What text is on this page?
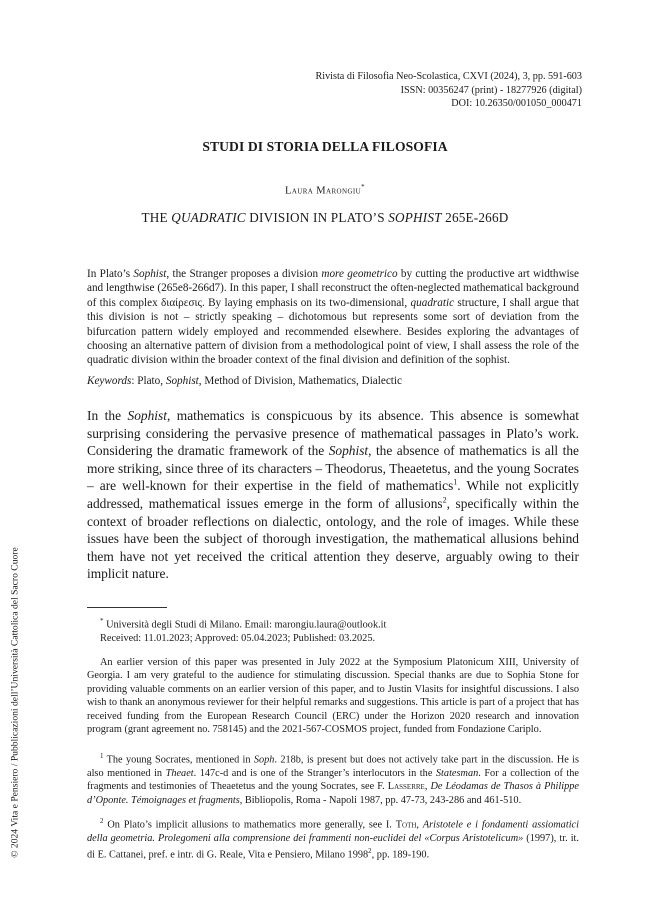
Rivista di Filosofia Neo-Scolastica, CXVI (2024), 3, pp. 591-603
ISSN: 00356247 (print) - 18277926 (digital)
DOI: 10.26350/001050_000471
STUDI DI STORIA DELLA FILOSOFIA
Laura Marongiu*
THE QUADRATIC DIVISION IN PLATO’S SOPHIST 265E-266D

In Plato’s Sophist, the Stranger proposes a division more geometrico by cutting the productive art widthwise and lengthwise (265e8-266d7). In this paper, I shall reconstruct the often-neglected mathematical background of this complex διαίρεσις. By laying emphasis on its two-dimensional, quadratic structure, I shall argue that this division is not – strictly speaking – dichotomous but represents some sort of deviation from the bifurcation pattern widely employed and recommended elsewhere. Besides exploring the advantages of choosing an alternative pattern of division from a methodological point of view, I shall assess the role of the quadratic division within the broader context of the final division and definition of the sophist.

Keywords: Plato, Sophist, Method of Division, Mathematics, Dialectic

In the Sophist, mathematics is conspicuous by its absence. This absence is somewhat surprising considering the pervasive presence of mathematical passages in Plato’s work. Considering the dramatic framework of the Sophist, the absence of mathematics is all the more striking, since three of its characters – Theodorus, Theaetetus, and the young Socrates – are well-known for their expertise in the field of mathematics$^1$. While not explicitly addressed, mathematical issues emerge in the form of allusions$^2$, specifically within the context of broader reflections on dialectic, ontology, and the role of images. While these issues have been the subject of thorough investigation, the mathematical allusions behind them have not yet received the critical attention they deserve, arguably owing to their implicit nature.

* Università degli Studi di Milano. Email: marongiu.laura@outlook.it

Received: 11.01.2023; Approved: 05.04.2023; Published: 03.2025.

An earlier version of this paper was presented in July 2022 at the Symposium Platonicum XIII, University of Georgia. I am very grateful to the audience for stimulating discussion. Special thanks are due to Sophia Stone for providing valuable comments on an earlier version of this paper, and to Justin Vlasits for insightful discussions. I also wish to thank an anonymous reviewer for their helpful remarks and suggestions. This article is part of a project that has received funding from the European Research Council (ERC) under the Horizon 2020 research and innovation program (grant agreement no. 758145) and the 2021-567-COSMOS project, funded from Fondazione Cariplo.

$^1$ The young Socrates, mentioned in Soph. 218b, is present but does not actively take part in the discussion. He is also mentioned in Theaet. 147c-d and is one of the Stranger’s interlocutors in the Statesman. For a collection of the fragments and testimonies of Theaetetus and the young Socrates, see F. Lasserre, De Léodamas de Thasos à Philippe d’Oponte. Témoignages et fragments, Bibliopolis, Roma - Napoli 1987, pp. 47-73, 243-286 and 461-510.

$^2$ On Plato’s implicit allusions to mathematics more generally, see I. Toth, Aristotele e i fondamenti assiomatici della geometria. Prolegomeni alla comprensione dei frammenti non-euclidei del «Corpus Aristotelicum» (1997), tr. it. di E. Cattanei, pref. e intr. di G. Reale, Vita e Pensiero, Milano 1998$^2$, pp. 189-190.

© 2024 Vita e Pensiero / Pubblicazioni dell’Università Cattolica del Sacro Cuore
